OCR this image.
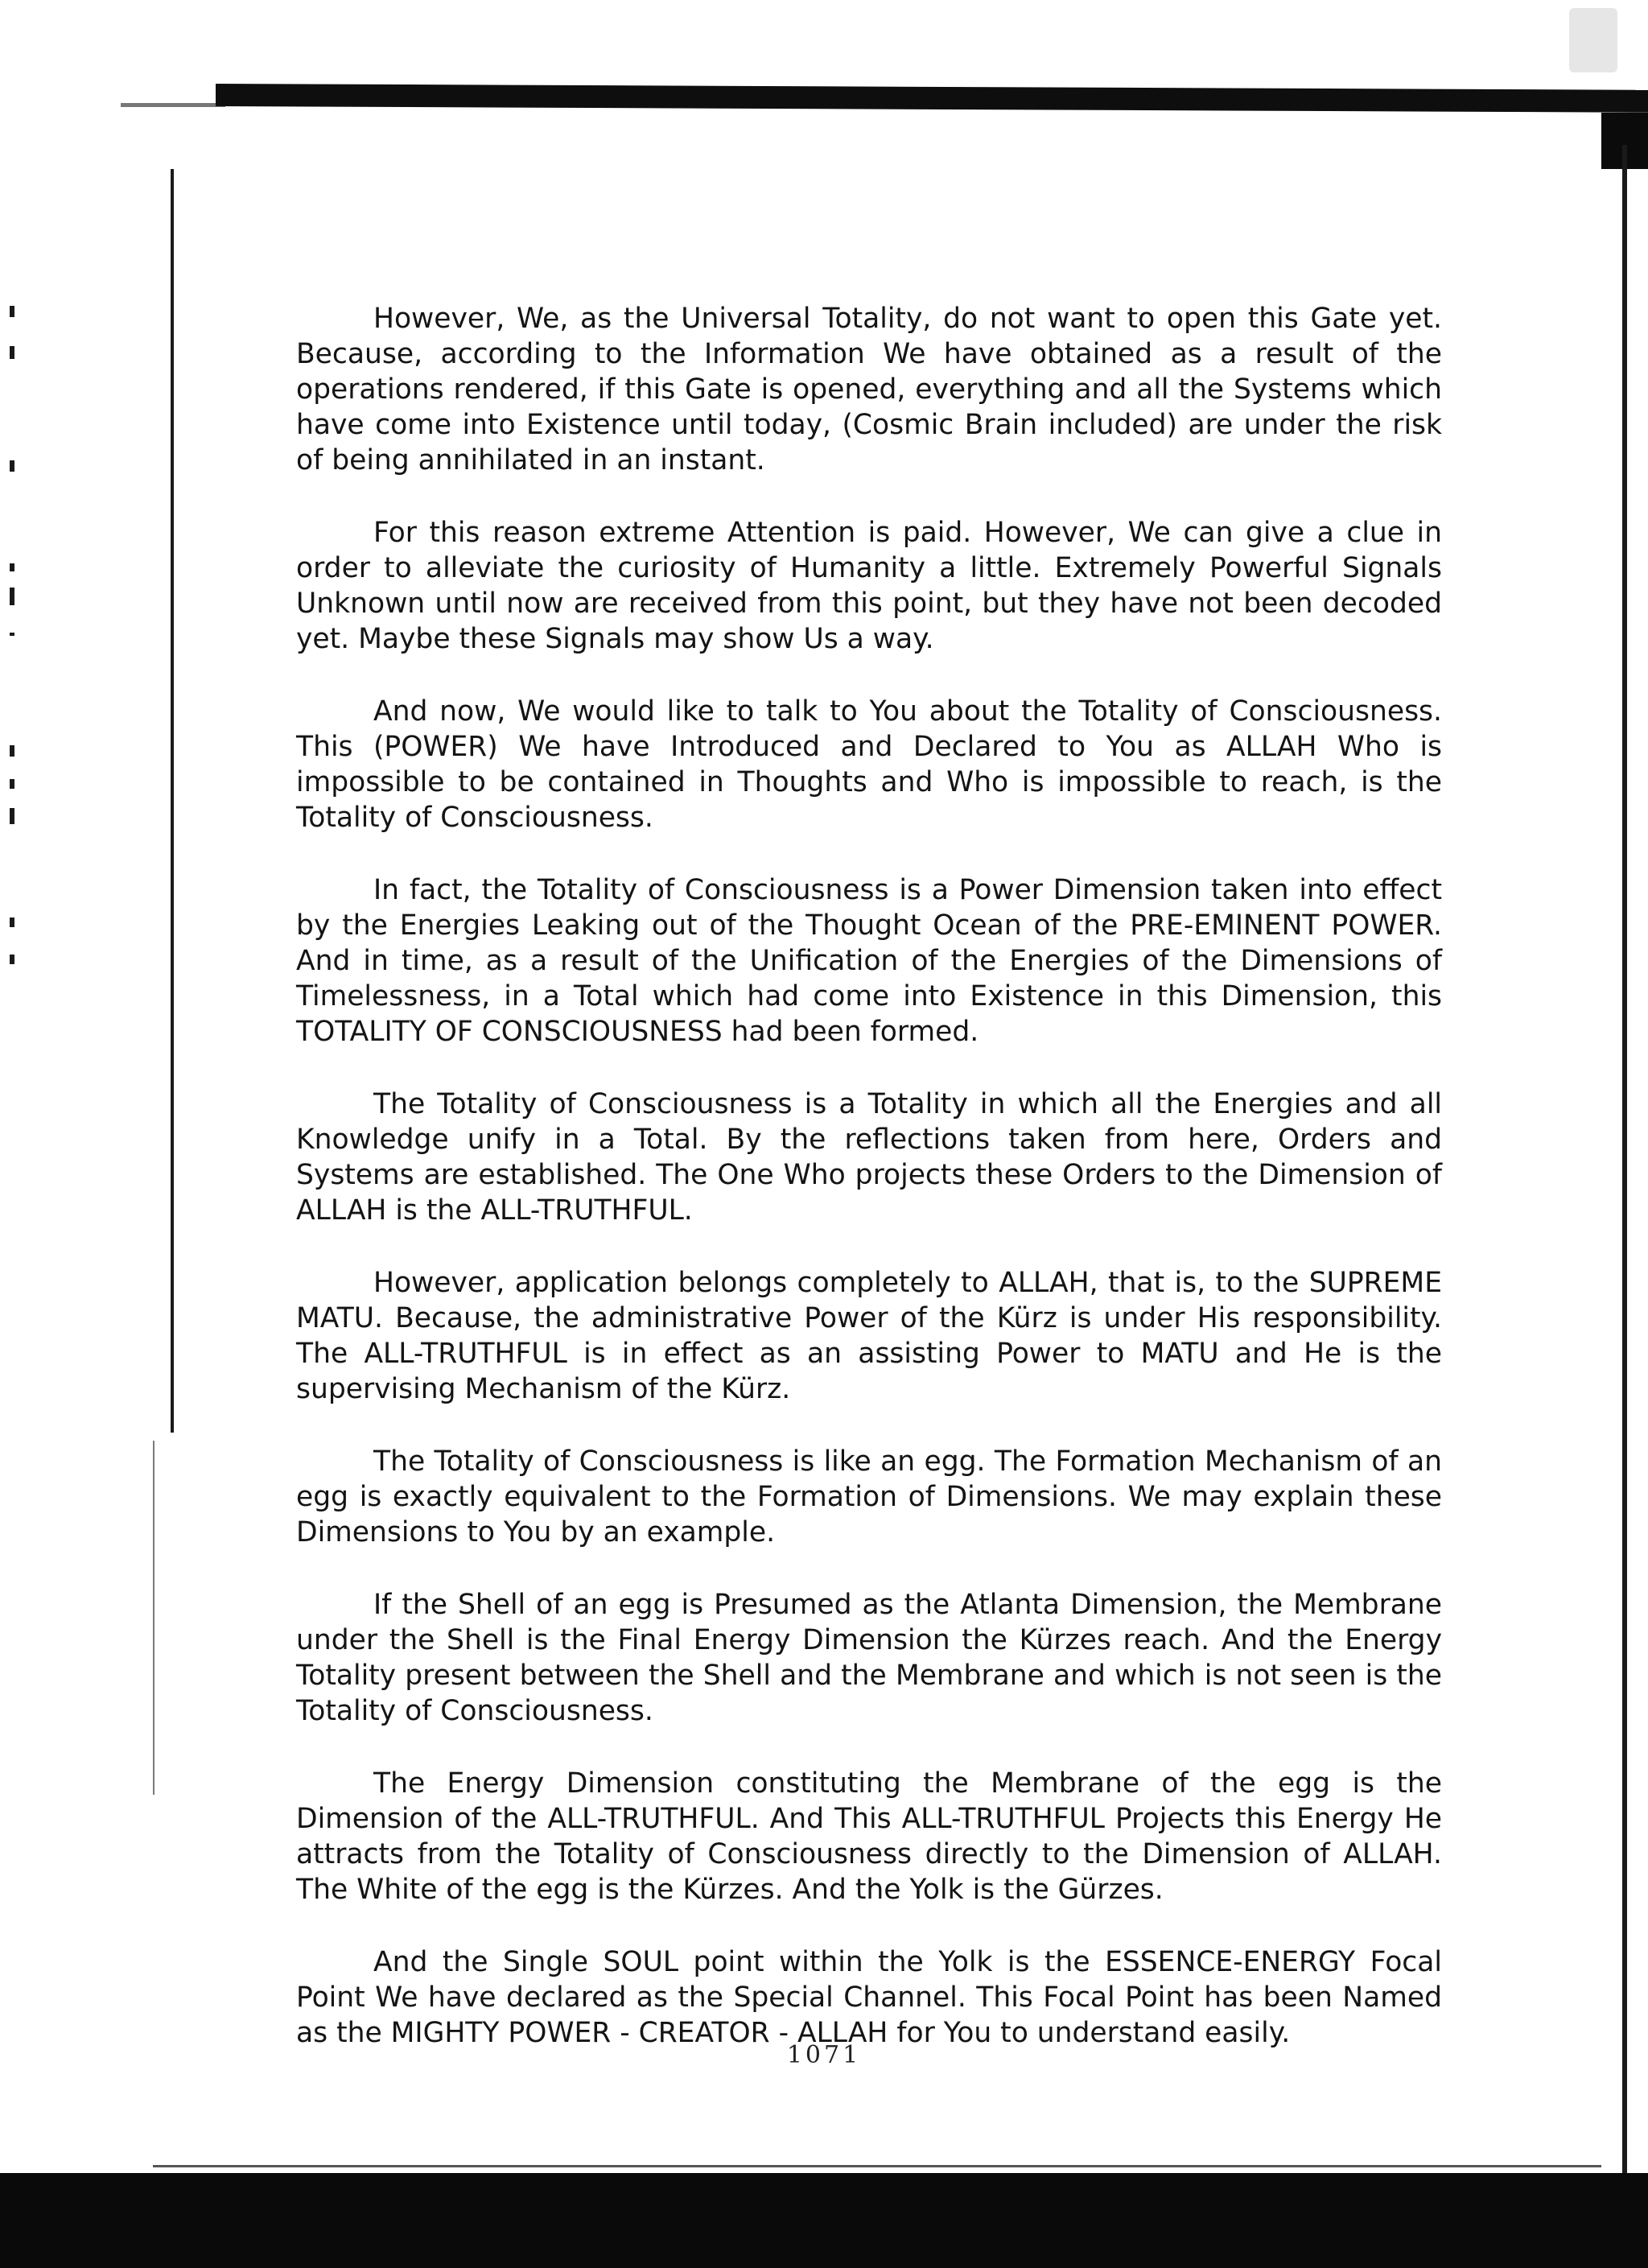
However, We, as the Universal Totality, do not want to open this Gate yet. Because, according to the Information We have obtained as a result of the operations rendered, if this Gate is opened, everything and all the Systems which have come into Existence until today, (Cosmic Brain included) are under the risk of being annihilated in an instant.

For this reason extreme Attention is paid. However, We can give a clue in order to alleviate the curiosity of Humanity a little. Extremely Powerful Signals Unknown until now are received from this point, but they have not been decoded yet. Maybe these Signals may show Us a way.

And now, We would like to talk to You about the Totality of Consciousness. This (POWER) We have Introduced and Declared to You as ALLAH Who is impossible to be contained in Thoughts and Who is impossible to reach, is the Totality of Consciousness.

In fact, the Totality of Consciousness is a Power Dimension taken into effect by the Energies Leaking out of the Thought Ocean of the PRE-EMINENT POWER. And in time, as a result of the Unification of the Energies of the Dimensions of Timelessness, in a Total which had come into Existence in this Dimension, this TOTALITY OF CONSCIOUSNESS had been formed.

The Totality of Consciousness is a Totality in which all the Energies and all Knowledge unify in a Total. By the reflections taken from here, Orders and Systems are established. The One Who projects these Orders to the Dimension of ALLAH is the ALL-TRUTHFUL.

However, application belongs completely to ALLAH, that is, to the SUPREME MATU. Because, the administrative Power of the Kürz is under His responsibility. The ALL-TRUTHFUL is in effect as an assisting Power to MATU and He is the supervising Mechanism of the Kürz.

The Totality of Consciousness is like an egg. The Formation Mechanism of an egg is exactly equivalent to the Formation of Dimensions. We may explain these Dimensions to You by an example.

If the Shell of an egg is Presumed as the Atlanta Dimension, the Membrane under the Shell is the Final Energy Dimension the Kürzes reach. And the Energy Totality present between the Shell and the Membrane and which is not seen is the Totality of Consciousness.

The Energy Dimension constituting the Membrane of the egg is the Dimension of the ALL-TRUTHFUL. And This ALL-TRUTHFUL Projects this Energy He attracts from the Totality of Consciousness directly to the Dimension of ALLAH. The White of the egg is the Kürzes. And the Yolk is the Gürzes.

And the Single SOUL point within the Yolk is the ESSENCE-ENERGY Focal Point We have declared as the Special Channel. This Focal Point has been Named as the MIGHTY POWER - CREATOR - ALLAH for You to understand easily.

1071
